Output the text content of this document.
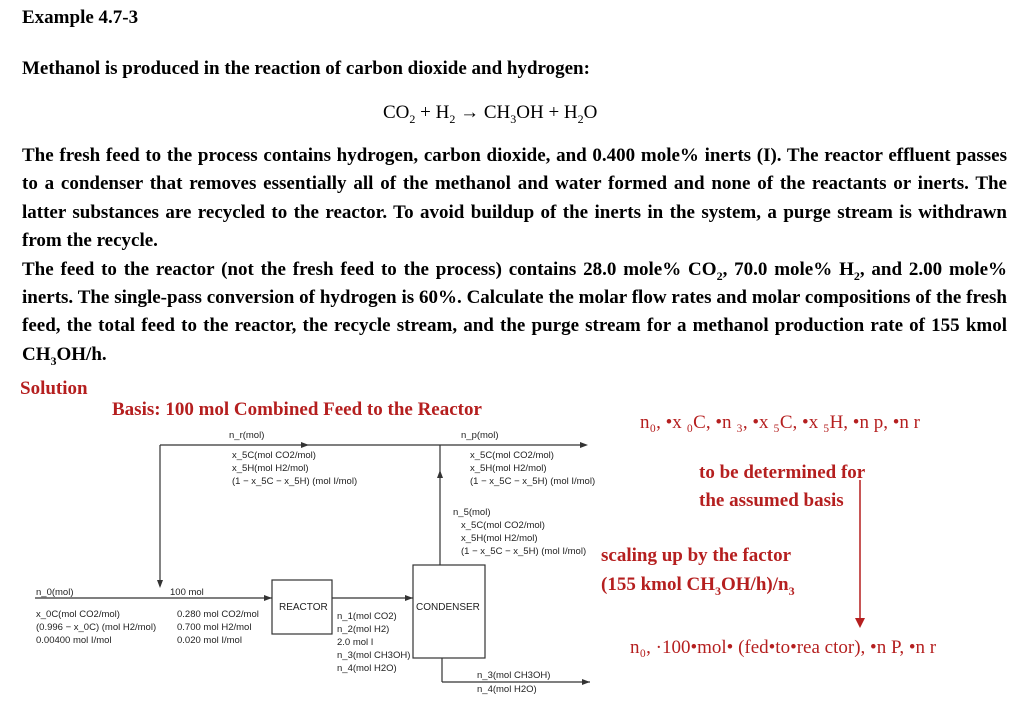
Example 4.7-3
Methanol is produced in the reaction of carbon dioxide and hydrogen:
$CO_2 + H_2 \to CH_3OH + H_2O$

The fresh feed to the process contains hydrogen, carbon dioxide, and 0.400 mole% inerts (I). The reactor effluent passes to a condenser that removes essentially all of the methanol and water formed and none of the reactants or inerts. The latter substances are recycled to the reactor. To avoid buildup of the inerts in the system, a purge stream is withdrawn from the recycle.

The feed to the reactor (not the fresh feed to the process) contains 28.0 mole% $CO_2$, 70.0 mole% $H_2$, and 2.00 mole% inerts. The single-pass conversion of hydrogen is 60%. Calculate the molar flow rates and molar compositions of the fresh feed, the total feed to the reactor, the recycle stream, and the purge stream for a methanol production rate of 155 kmol $CH_3OH/h$.

Solution
Basis: 100 mol Combined Feed to the Reactor
n₀, •x ₀C, •n ₃, •x ₅C, •x ₅H, •n p, •n r
to be determined for
the assumed basis
scaling up by the factor
(155 kmol $CH_3OH/h)/n_3$
n₀, ·100•mol• (fed•to•rea ctor), •n P, •n r
REACTOR	CONDENSER
n_r(mol)	n_p(mol)
x_5C(mol CO2/mol)
x_5H(mol H2/mol)
(1 − x_5C − x_5H) (mol I/mol)
x_5C(mol CO2/mol)
x_5H(mol H2/mol)
(1 − x_5C − x_5H) (mol I/mol)
n_5(mol)
x_5C(mol CO2/mol)
x_5H(mol H2/mol)
(1 − x_5C − x_5H) (mol I/mol)
n_0(mol)
x_0C(mol CO2/mol)
(0.996 − x_0C) (mol H2/mol)
0.00400 mol I/mol
100 mol
0.280 mol CO2/mol
0.700 mol H2/mol
0.020 mol I/mol
n_1(mol CO2)
n_2(mol H2)
2.0 mol I
n_3(mol CH3OH)
n_4(mol H2O)
n_3(mol CH3OH)
n_4(mol H2O)
